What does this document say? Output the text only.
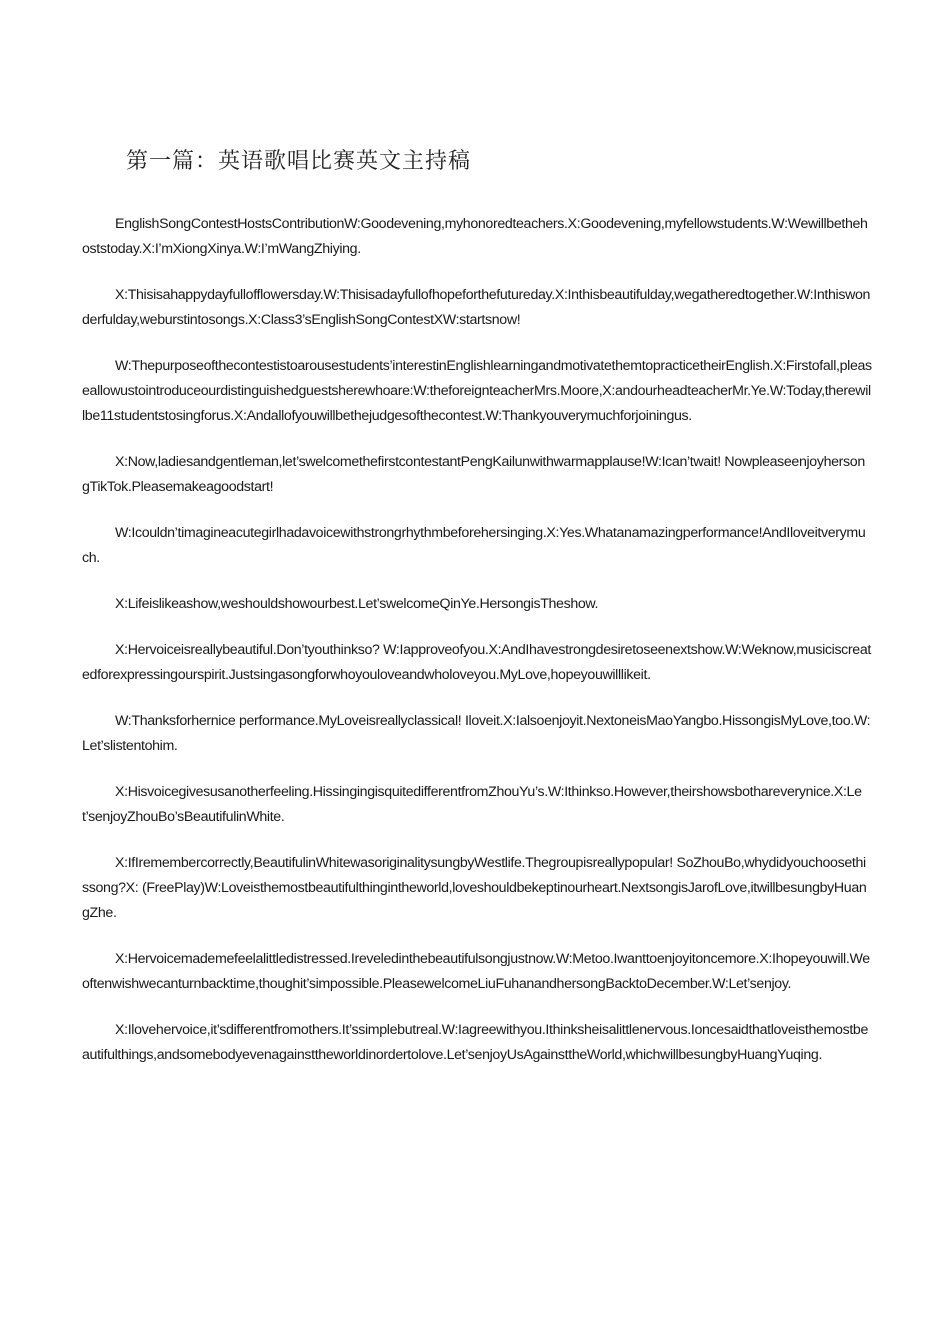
第一篇：英语歌唱比赛英文主持稿

EnglishSongContestHostsContributionW:Goodevening,myhonoredteachers.X:Goodevening,myfellowstudents.W:Wewillbethehoststoday.X:I’mXiongXinya.W:I’mWangZhiying.

X:Thisisahappydayfullofflowersday.W:Thisisadayfullofhopeforthefutureday.X:Inthisbeautifulday,wegatheredtogether.W:Inthiswonderfulday,weburstintosongs.X:Class3’sEnglishSongContestXW:startsnow!

W:Thepurposeofthecontestistoarousestudents’interestinEnglishlearningandmotivatethemtopracticetheirEnglish.X:Firstofall,pleaseallowustointroduceourdistinguishedguestsherewhoare:W:theforeignteacherMrs.Moore,X:andourheadteacherMr.Ye.W:Today,therewillbe11studentstosingforus.X:Andallofyouwillbethejudgesofthecontest.W:Thankyouverymuchforjoiningus.

X:Now,ladiesandgentleman,let’swelcomethefirstcontestantPengKailunwithwarmapplause!W:Ican’twait! NowpleaseenjoyhersongTikTok.Pleasemakeagoodstart!

W:Icouldn’timagineacutegirlhadavoicewithstrongrhythmbeforehersinging.X:Yes.Whatanamazingperformance!AndIloveitverymuch.

X:Lifeislikeashow,weshouldshowourbest.Let’swelcomeQinYe.HersongisTheshow.

X:Hervoiceisreallybeautiful.Don’tyouthinkso? W:Iapproveofyou.X:AndIhavestrongdesiretoseenextshow.W:Weknow,musiciscreatedforexpressingourspirit.Justsingasongforwhoyouloveandwholoveyou.MyLove,hopeyouwilllikeit.

W:Thanksforhernice performance.MyLoveisreallyclassical! Iloveit.X:Ialsoenjoyit.NextoneisMaoYangbo.HissongisMyLove,too.W:Let’slistentohim.

X:Hisvoicegivesusanotherfeeling.HissingingisquitedifferentfromZhouYu’s.W:Ithinkso.However,theirshowsbothareverynice.X:Let’senjoyZhouBo’sBeautifulinWhite.

X:IfIremembercorrectly,BeautifulinWhitewasoriginalitysungbyWestlife.Thegroupisreallypopular! SoZhouBo,whydidyouchoosethissong?X: (FreePlay)W:Loveisthemostbeautifulthingintheworld,loveshouldbekeptinourheart.NextsongisJarofLove,itwillbesungbyHuangZhe.

X:Hervoicemademefeelalittledistressed.Ireveledinthebeautifulsongjustnow.W:Metoo.Iwanttoenjoyitoncemore.X:Ihopeyouwill.Weoftenwishwecanturnbacktime,thoughit’simpossible.PleasewelcomeLiuFuhanandhersongBacktoDecember.W:Let’senjoy.

X:Ilovehervoice,it’sdifferentfromothers.It’ssimplebutreal.W:Iagreewithyou.Ithinksheisalittlenervous.Ioncesaidthatloveisthemostbeautifulthings,andsomebodyevenagainsttheworldinordertolove.Let’senjoyUsAgainsttheWorld,whichwillbesungbyHuangYuqing.
